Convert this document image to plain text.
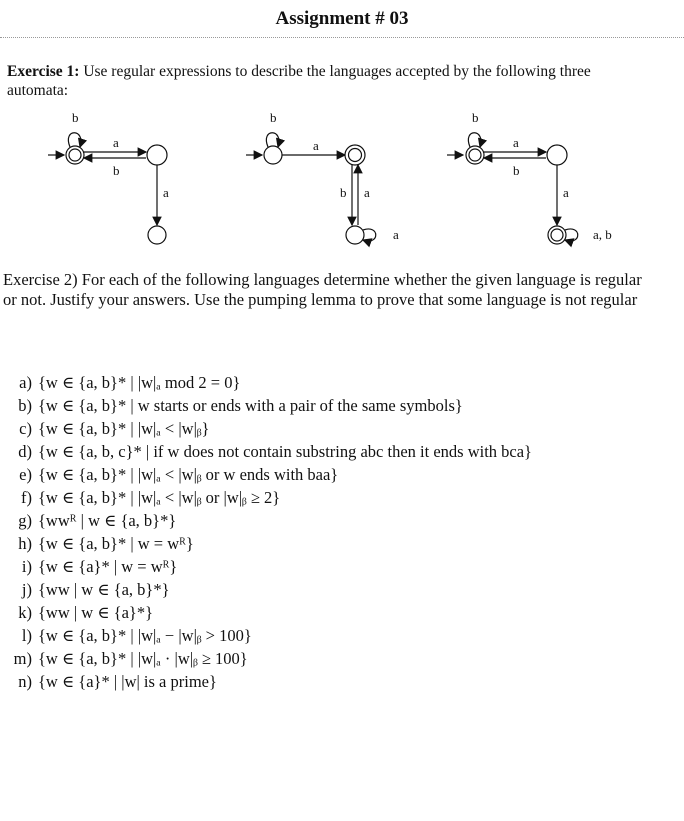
Assignment # 03
Exercise 1: Use regular expressions to describe the languages accepted by the following three automata:
b
a
b
a
b
a
b a
a
b
a
b
a
a, b
Exercise 2) For each of the following languages determine whether the given language is regular or not. Justify your answers. Use the pumping lemma to prove that some language is not regular
a) {w ∈ {a, b}* | |w|ₐ mod 2 = 0}
b) {w ∈ {a, b}* | w starts or ends with a pair of the same symbols}
c) {w ∈ {a, b}* | |w|ₐ < |w|ᵦ}
d) {w ∈ {a, b, c}* | if w does not contain substring abc then it ends with bca}
e) {w ∈ {a, b}* | |w|ₐ < |w|ᵦ or w ends with baa}
f) {w ∈ {a, b}* | |w|ₐ < |w|ᵦ or |w|ᵦ ≥ 2}
g) {wwᴿ | w ∈ {a, b}*}
h) {w ∈ {a, b}* | w = wᴿ}
i) {w ∈ {a}* | w = wᴿ}
j) {ww | w ∈ {a, b}*}
k) {ww | w ∈ {a}*}
l) {w ∈ {a, b}* | |w|ₐ − |w|ᵦ > 100}
m) {w ∈ {a, b}* | |w|ₐ · |w|ᵦ ≥ 100}
n) {w ∈ {a}* | |w| is a prime}
